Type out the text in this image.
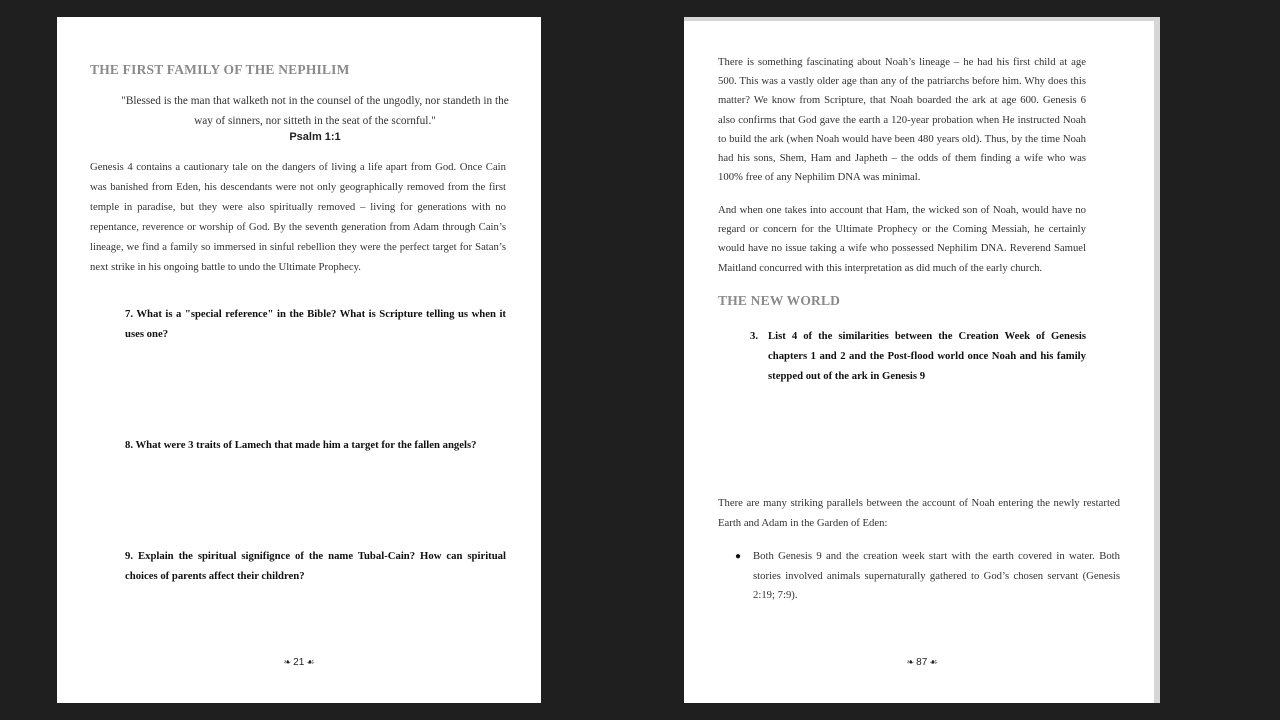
THE FIRST FAMILY OF THE NEPHILIM
"Blessed is the man that walketh not in the counsel of the ungodly, nor standeth in the way of sinners, nor sitteth in the seat of the scornful."
Psalm 1:1

Genesis 4 contains a cautionary tale on the dangers of living a life apart from God. Once Cain was banished from Eden, his descendants were not only geographically removed from the first temple in paradise, but they were also spiritually removed – living for generations with no repentance, reverence or worship of God. By the seventh generation from Adam through Cain’s lineage, we find a family so immersed in sinful rebellion they were the perfect target for Satan’s next strike in his ongoing battle to undo the Ultimate Prophecy.

7. What is a "special reference" in the Bible? What is Scripture telling us when it uses one?

8. What were 3 traits of Lamech that made him a target for the fallen angels?

9. Explain the spiritual signifignce of the name Tubal-Cain? How can spiritual choices of parents affect their children?

❧ 21 ☙

There is something fascinating about Noah’s lineage – he had his first child at age 500. This was a vastly older age than any of the patriarchs before him. Why does this matter? We know from Scripture, that Noah boarded the ark at age 600. Genesis 6 also confirms that God gave the earth a 120-year probation when He instructed Noah to build the ark (when Noah would have been 480 years old). Thus, by the time Noah had his sons, Shem, Ham and Japheth – the odds of them finding a wife who was 100% free of any Nephilim DNA was minimal.

And when one takes into account that Ham, the wicked son of Noah, would have no regard or concern for the Ultimate Prophecy or the Coming Messiah, he certainly would have no issue taking a wife who possessed Nephilim DNA. Reverend Samuel Maitland concurred with this interpretation as did much of the early church.

THE NEW WORLD

3. List 4 of the similarities between the Creation Week of Genesis chapters 1 and 2 and the Post-flood world once Noah and his family stepped out of the ark in Genesis 9

There are many striking parallels between the account of Noah entering the newly restarted Earth and Adam in the Garden of Eden:

● Both Genesis 9 and the creation week start with the earth covered in water. Both stories involved animals supernaturally gathered to God’s chosen servant (Genesis 2:19; 7:9).
❧ 87 ☙
